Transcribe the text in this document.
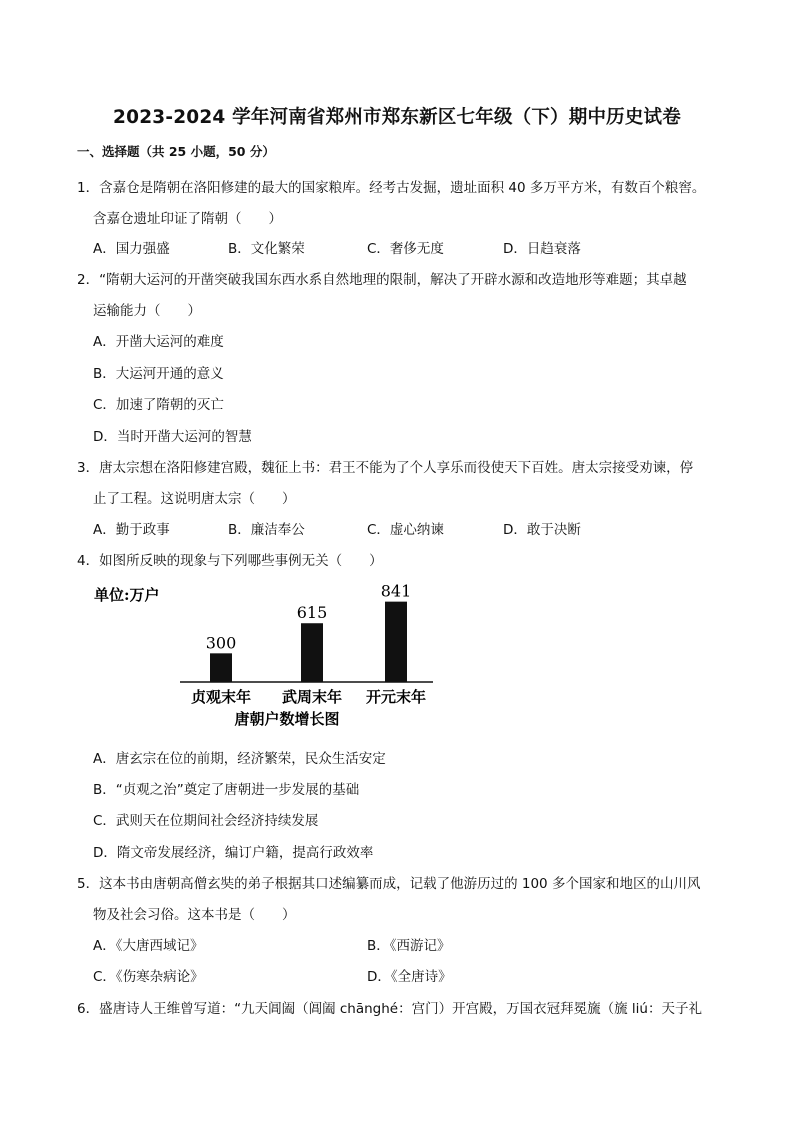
2023-2024 学年河南省郑州市郑东新区七年级（下）期中历史试卷
一、选择题（共 25 小题，50 分）
1．含嘉仓是隋朝在洛阳修建的最大的国家粮库。经考古发掘，遗址面积 40 多万平方米，有数百个粮窖。
含嘉仓遗址印证了隋朝（　　）
A．国力强盛	B．文化繁荣	C．奢侈无度	D．日趋衰落
2．“隋朝大运河的开凿突破我国东西水系自然地理的限制，解决了开辟水源和改造地形等难题；其卓越
运输能力（　　）
A．开凿大运河的难度
B．大运河开通的意义
C．加速了隋朝的灭亡
D．当时开凿大运河的智慧
3．唐太宗想在洛阳修建宫殿，魏征上书：君王不能为了个人享乐而役使天下百姓。唐太宗接受劝谏，停
止了工程。这说明唐太宗（　　）
A．勤于政事	B．廉洁奉公	C．虚心纳谏	D．敢于决断
4．如图所反映的现象与下列哪些事例无关（　　）
单位:万户
300
贞观末年
615
武周末年
841
开元末年
唐朝户数增长图
A．唐玄宗在位的前期，经济繁荣，民众生活安定
B．“贞观之治”奠定了唐朝进一步发展的基础
C．武则天在位期间社会经济持续发展
D．隋文帝发展经济，编订户籍，提高行政效率
5．这本书由唐朝高僧玄奘的弟子根据其口述编纂而成，记载了他游历过的 100 多个国家和地区的山川风
物及社会习俗。这本书是（　　）
A．《大唐西域记》	B．《西游记》
C．《伤寒杂病论》	D．《全唐诗》
6．盛唐诗人王维曾写道：“九天阊阖（阊阖 chānghé：宫门）开宫殿，万国衣冠拜冕旒（旒 liú：天子礼
